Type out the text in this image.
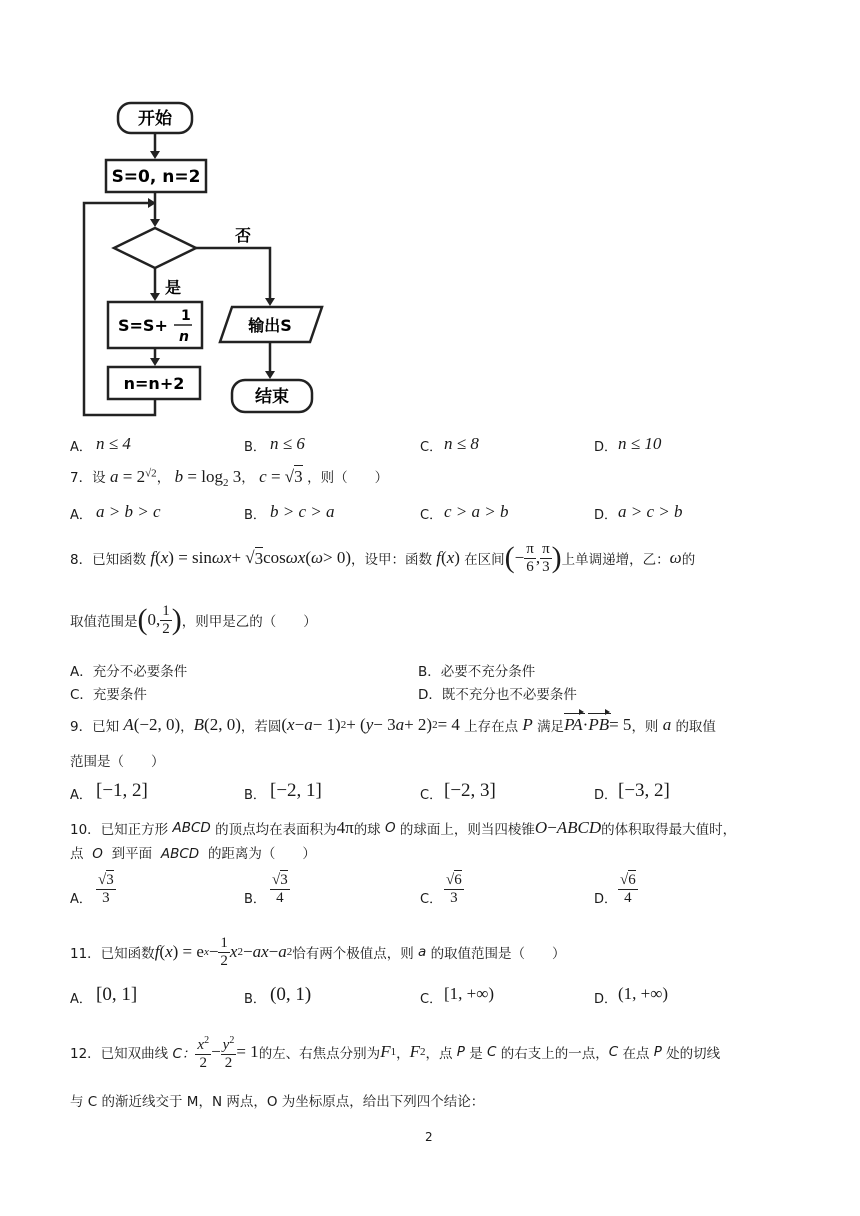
开始
S=0, n=2
否
是
S=S+ 1
n
n=n+2
输出S
结束
A． n ≤ 4	B． n ≤ 6	C． n ≤ 8	D． n ≤ 10
7．设 $a = 2^{√2}$， $b = \log_2 3$， c = √3 ，则（　　）
A． a > b > c	B． b > c > a	C． c > a > b	D． a > c > b
8．已知函数 f ( x ) = sin ωx + √ 3 cos ωx ( ω > 0) ，设甲：函数 f ( x ) 在区间 ( − $\frac{\pi}{6}$ , $\frac{\pi}{3}$ ) 上单调递增，乙： ω 的
取值范围是 ( 0, $\frac{1}{2}$ ) ，则甲是乙的（　　）
A．充分不必要条件	B．必要不充分条件
C．充要条件	D．既不充分也不必要条件
9．已知 A (−2, 0) ， B (2, 0) ，若圆 ( x − a − 1) 2 + ( y − 3 a + 2) 2 = 4 上存在点 P 满足 PA · PB = 5 ，则 a 的取值
范围是（　　）
A． [−1, 2]	B． [−2, 1]	C． [−2, 3]	D． [−3, 2]
10．已知正方形 ABCD 的顶点均在表面积为 4π 的球 O 的球面上，则当四棱锥 O − ABCD 的体积取得最大值时，
点  O  到平面  ABCD  的距离为（　　）
A． $\frac{√3}{3}$	B． $\frac{√3}{4}$	C． $\frac{√6}{3}$	D． $\frac{√6}{4}$
11．已知函数 f ( x ) = e $x - \frac{1}{2}$ x 2 − ax − a 2 恰有两个极值点，则 a 的取值范围是（　　）
A． [0, 1]	B． (0, 1)	C． [1, +∞)	D． (1, +∞)
12．已知双曲线 C： $\frac{x^2}{2} - \frac{y^2}{2} = 1$ 的左、右焦点分别为 F 1 ， F 2 ，点 P 是 C 的右支上的一点， C 在点 P 处的切线
与 C 的渐近线交于 M，N 两点，O 为坐标原点，给出下列四个结论：
2
